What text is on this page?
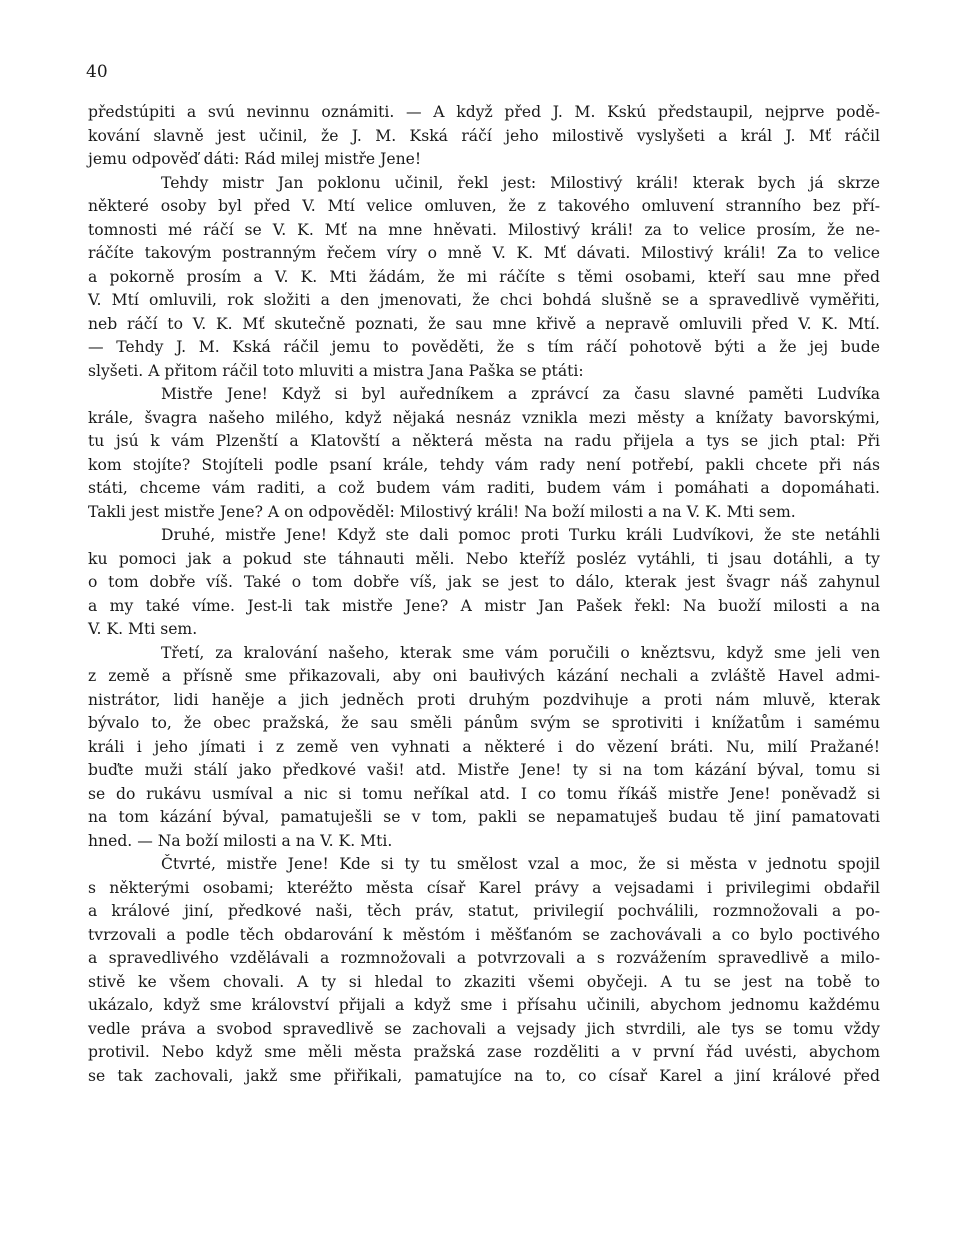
40

předstúpiti a svú nevinnu oznámiti. — A když před J. M. Kskú předstaupil, nejprve podě-
kování slavně jest učinil, že J. M. Kská ráčí jeho milostivě vyslyšeti a král J. Mť ráčil
jemu odpověď dáti: Rád milej mistře Jene!
Tehdy mistr Jan poklonu učinil, řekl jest: Milostivý králi! kterak bych já skrze
některé osoby byl před V. Mtí velice omluven, že z takového omluvení stranního bez pří-
tomnosti mé ráčí se V. K. Mť na mne hněvati. Milostivý králi! za to velice prosím, že ne-
ráčíte takovým postranným řečem víry o mně V. K. Mť dávati. Milostivý králi! Za to velice
a pokorně prosím a V. K. Mti žádám, že mi ráčíte s těmi osobami, kteří sau mne před
V. Mtí omluvili, rok složiti a den jmenovati, že chci bohdá slušně se a spravedlivě vyměřiti,
neb ráčí to V. K. Mť skutečně poznati, že sau mne křivě a nepravě omluvili před V. K. Mtí.
— Tehdy J. M. Kská ráčil jemu to pověděti, že s tím ráčí pohotově býti a že jej bude
slyšeti. A přitom ráčil toto mluviti a mistra Jana Paška se ptáti:
Mistře Jene! Když si byl auředníkem a zprávcí za času slavné paměti Ludvíka
krále, švagra našeho milého, když nějaká nesnáz vznikla mezi městy a knížaty bavorskými,
tu jsú k vám Plzenští a Klatovští a některá města na radu přijela a tys se jich ptal: Při
kom stojíte? Stojíteli podle psaní krále, tehdy vám rady není potřebí, pakli chcete při nás
státi, chceme vám raditi, a což budem vám raditi, budem vám i pomáhati a dopomáhati.
Takli jest mistře Jene? A on odpověděl: Milostivý králi! Na boží milosti a na V. K. Mti sem.
Druhé, mistře Jene! Když ste dali pomoc proti Turku králi Ludvíkovi, že ste netáhli
ku pomoci jak a pokud ste táhnauti měli. Nebo kteříž posléz vytáhli, ti jsau dotáhli, a ty
o tom dobře víš. Také o tom dobře víš, jak se jest to dálo, kterak jest švagr náš zahynul
a my také víme. Jest-li tak mistře Jene? A mistr Jan Pašek řekl: Na buoží milosti a na
V. K. Mti sem.
Třetí, za kralování našeho, kterak sme vám poručili o kněztsvu, když sme jeli ven
z země a přísně sme přikazovali, aby oni baułivých kázání nechali a zvláště Havel admi-
nistrátor, lidi haněje a jich jedněch proti druhým pozdvihuje a proti nám mluvě, kterak
bývalo to, že obec pražská, že sau směli pánům svým se sprotiviti i knížatům i samému
králi i jeho jímati i z země ven vyhnati a některé i do vězení bráti. Nu, milí Pražané!
buďte muži stálí jako předkové vaši! atd. Mistře Jene! ty si na tom kázání býval, tomu si
se do rukávu usmíval a nic si tomu neříkal atd. I co tomu říkáš mistře Jene! poněvadž si
na tom kázání býval, pamatuješli se v tom, pakli se nepamatuješ budau tě jiní pamatovati
hned. — Na boží milosti a na V. K. Mti.
Čtvrté, mistře Jene! Kde si ty tu smělost vzal a moc, že si města v jednotu spojil
s některými osobami; kteréžto města císař Karel právy a vejsadami i privilegimi obdařil
a králové jiní, předkové naši, těch práv, statut, privilegií pochválili, rozmnožovali a po-
tvrzovali a podle těch obdarování k městóm i měšťanóm se zachovávali a co bylo poctivého
a spravedlivého vzdělávali a rozmnožovali a potvrzovali a s rozvážením spravedlivě a milo-
stivě ke všem chovali. A ty si hledal to zkaziti všemi obyčeji. A tu se jest na tobě to
ukázalo, když sme království přijali a když sme i přísahu učinili, abychom jednomu každému
vedle práva a svobod spravedlivě se zachovali a vejsady jich stvrdili, ale tys se tomu vždy
protivil. Nebo když sme měli města pražská zase rozděliti a v první řád uvésti, abychom
se tak zachovali, jakž sme přiřikali, pamatujíce na to, co císař Karel a jiní králové před
